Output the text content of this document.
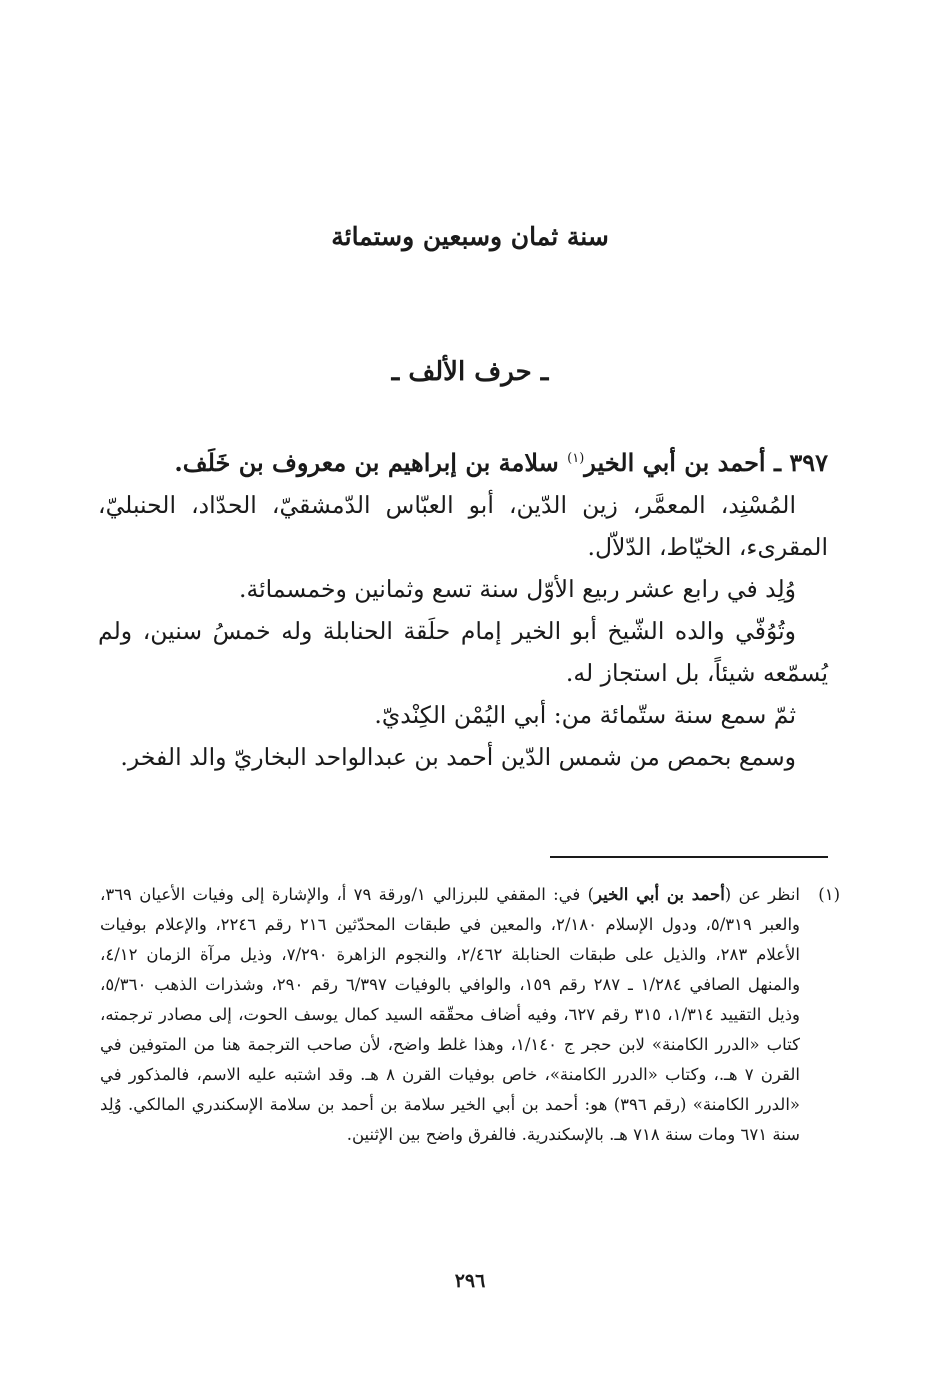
سنة ثمان وسبعين وستمائة
ـ حرف الألف ـ

٣٩٧ ـ أحمد بن أبي الخير$^{(١)}$ سلامة بن إبراهيم بن معروف بن خَلَف.

المُسْنِد، المعمَّر، زين الدّين، أبو العبّاس الدّمشقيّ، الحدّاد، الحنبليّ، المقرىء، الخيّاط، الدّلاّل.

وُلِد في رابع عشر ربيع الأوّل سنة تسع وثمانين وخمسمائة.

وتُوُفّي والده الشّيخ أبو الخير إمام حلَقة الحنابلة وله خمسُ سنين، ولم يُسمّعه شيئاً، بل استجاز له.

ثمّ سمع سنة ستّمائة من: أبي اليُمْن الكِنْديّ.

وسمع بحمص من شمس الدّين أحمد بن عبدالواحد البخاريّ والد الفخر.

(١)

انظر عن (أحمد بن أبي الخير) في: المقفي للبرزالي ١/ورقة ٧٩ أ، والإشارة إلى وفيات الأعيان ٣٦٩، والعبر ٥/٣١٩، ودول الإسلام ٢/١٨٠، والمعين في طبقات المحدّثين ٢١٦ رقم ٢٢٤٦، والإعلام بوفيات الأعلام ٢٨٣، والذيل على طبقات الحنابلة ٢/٤٦٢، والنجوم الزاهرة ٧/٢٩٠، وذيل مرآة الزمان ٤/١٢، والمنهل الصافي ١/٢٨٤ ـ ٢٨٧ رقم ١٥٩، والوافي بالوفيات ٦/٣٩٧ رقم ٢٩٠، وشذرات الذهب ٥/٣٦٠، وذيل التقييد ١/٣١٤، ٣١٥ رقم ٦٢٧، وفيه أضاف محقّقه السيد كمال يوسف الحوت، إلى مصادر ترجمته، كتاب «الدرر الكامنة» لابن حجر ج ١/١٤٠، وهذا غلط واضح، لأن صاحب الترجمة هنا من المتوفين في القرن ٧ هـ.، وكتاب «الدرر الكامنة»، خاص بوفيات القرن ٨ هـ. وقد اشتبه عليه الاسم، فالمذكور في «الدرر الكامنة» (رقم ٣٩٦) هو: أحمد بن أبي الخير سلامة بن أحمد بن سلامة الإسكندري المالكي. وُلِد سنة ٦٧١ ومات سنة ٧١٨ هـ. بالإسكندرية. فالفرق واضح بين الإثنين.

٢٩٦
